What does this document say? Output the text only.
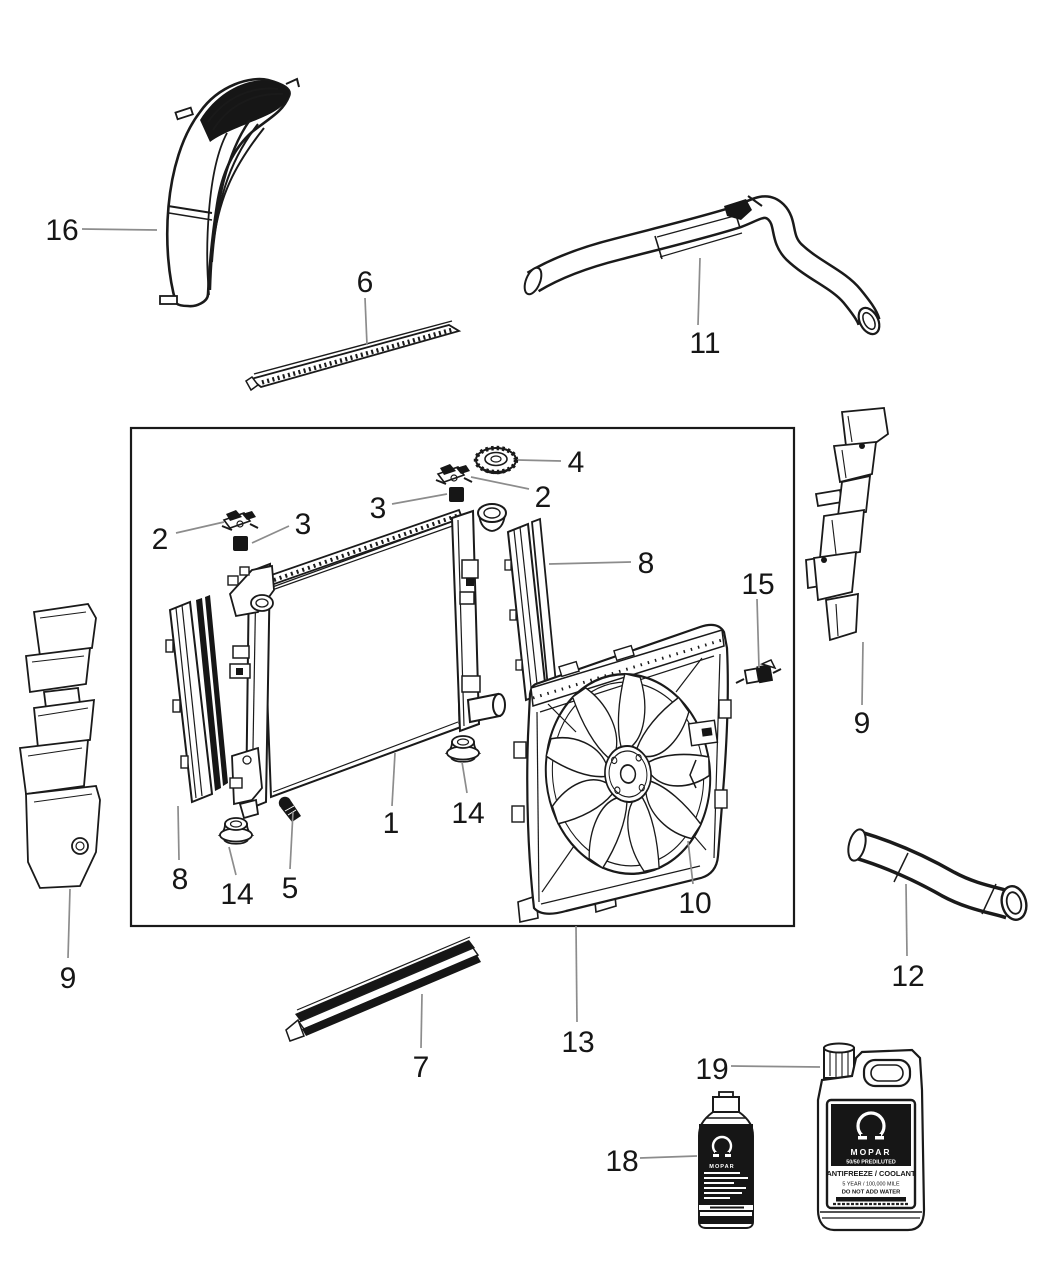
MOPAR
MOPAR
50/50 PREDILUTED
ANTIFREEZE / COOLANT
5 YEAR / 100,000 MILE
DO NOT ADD WATER
16
6
11
2	3 3	2
4
8
15
9
9
8 14 5
1 14
10
13
7
12
18
19
